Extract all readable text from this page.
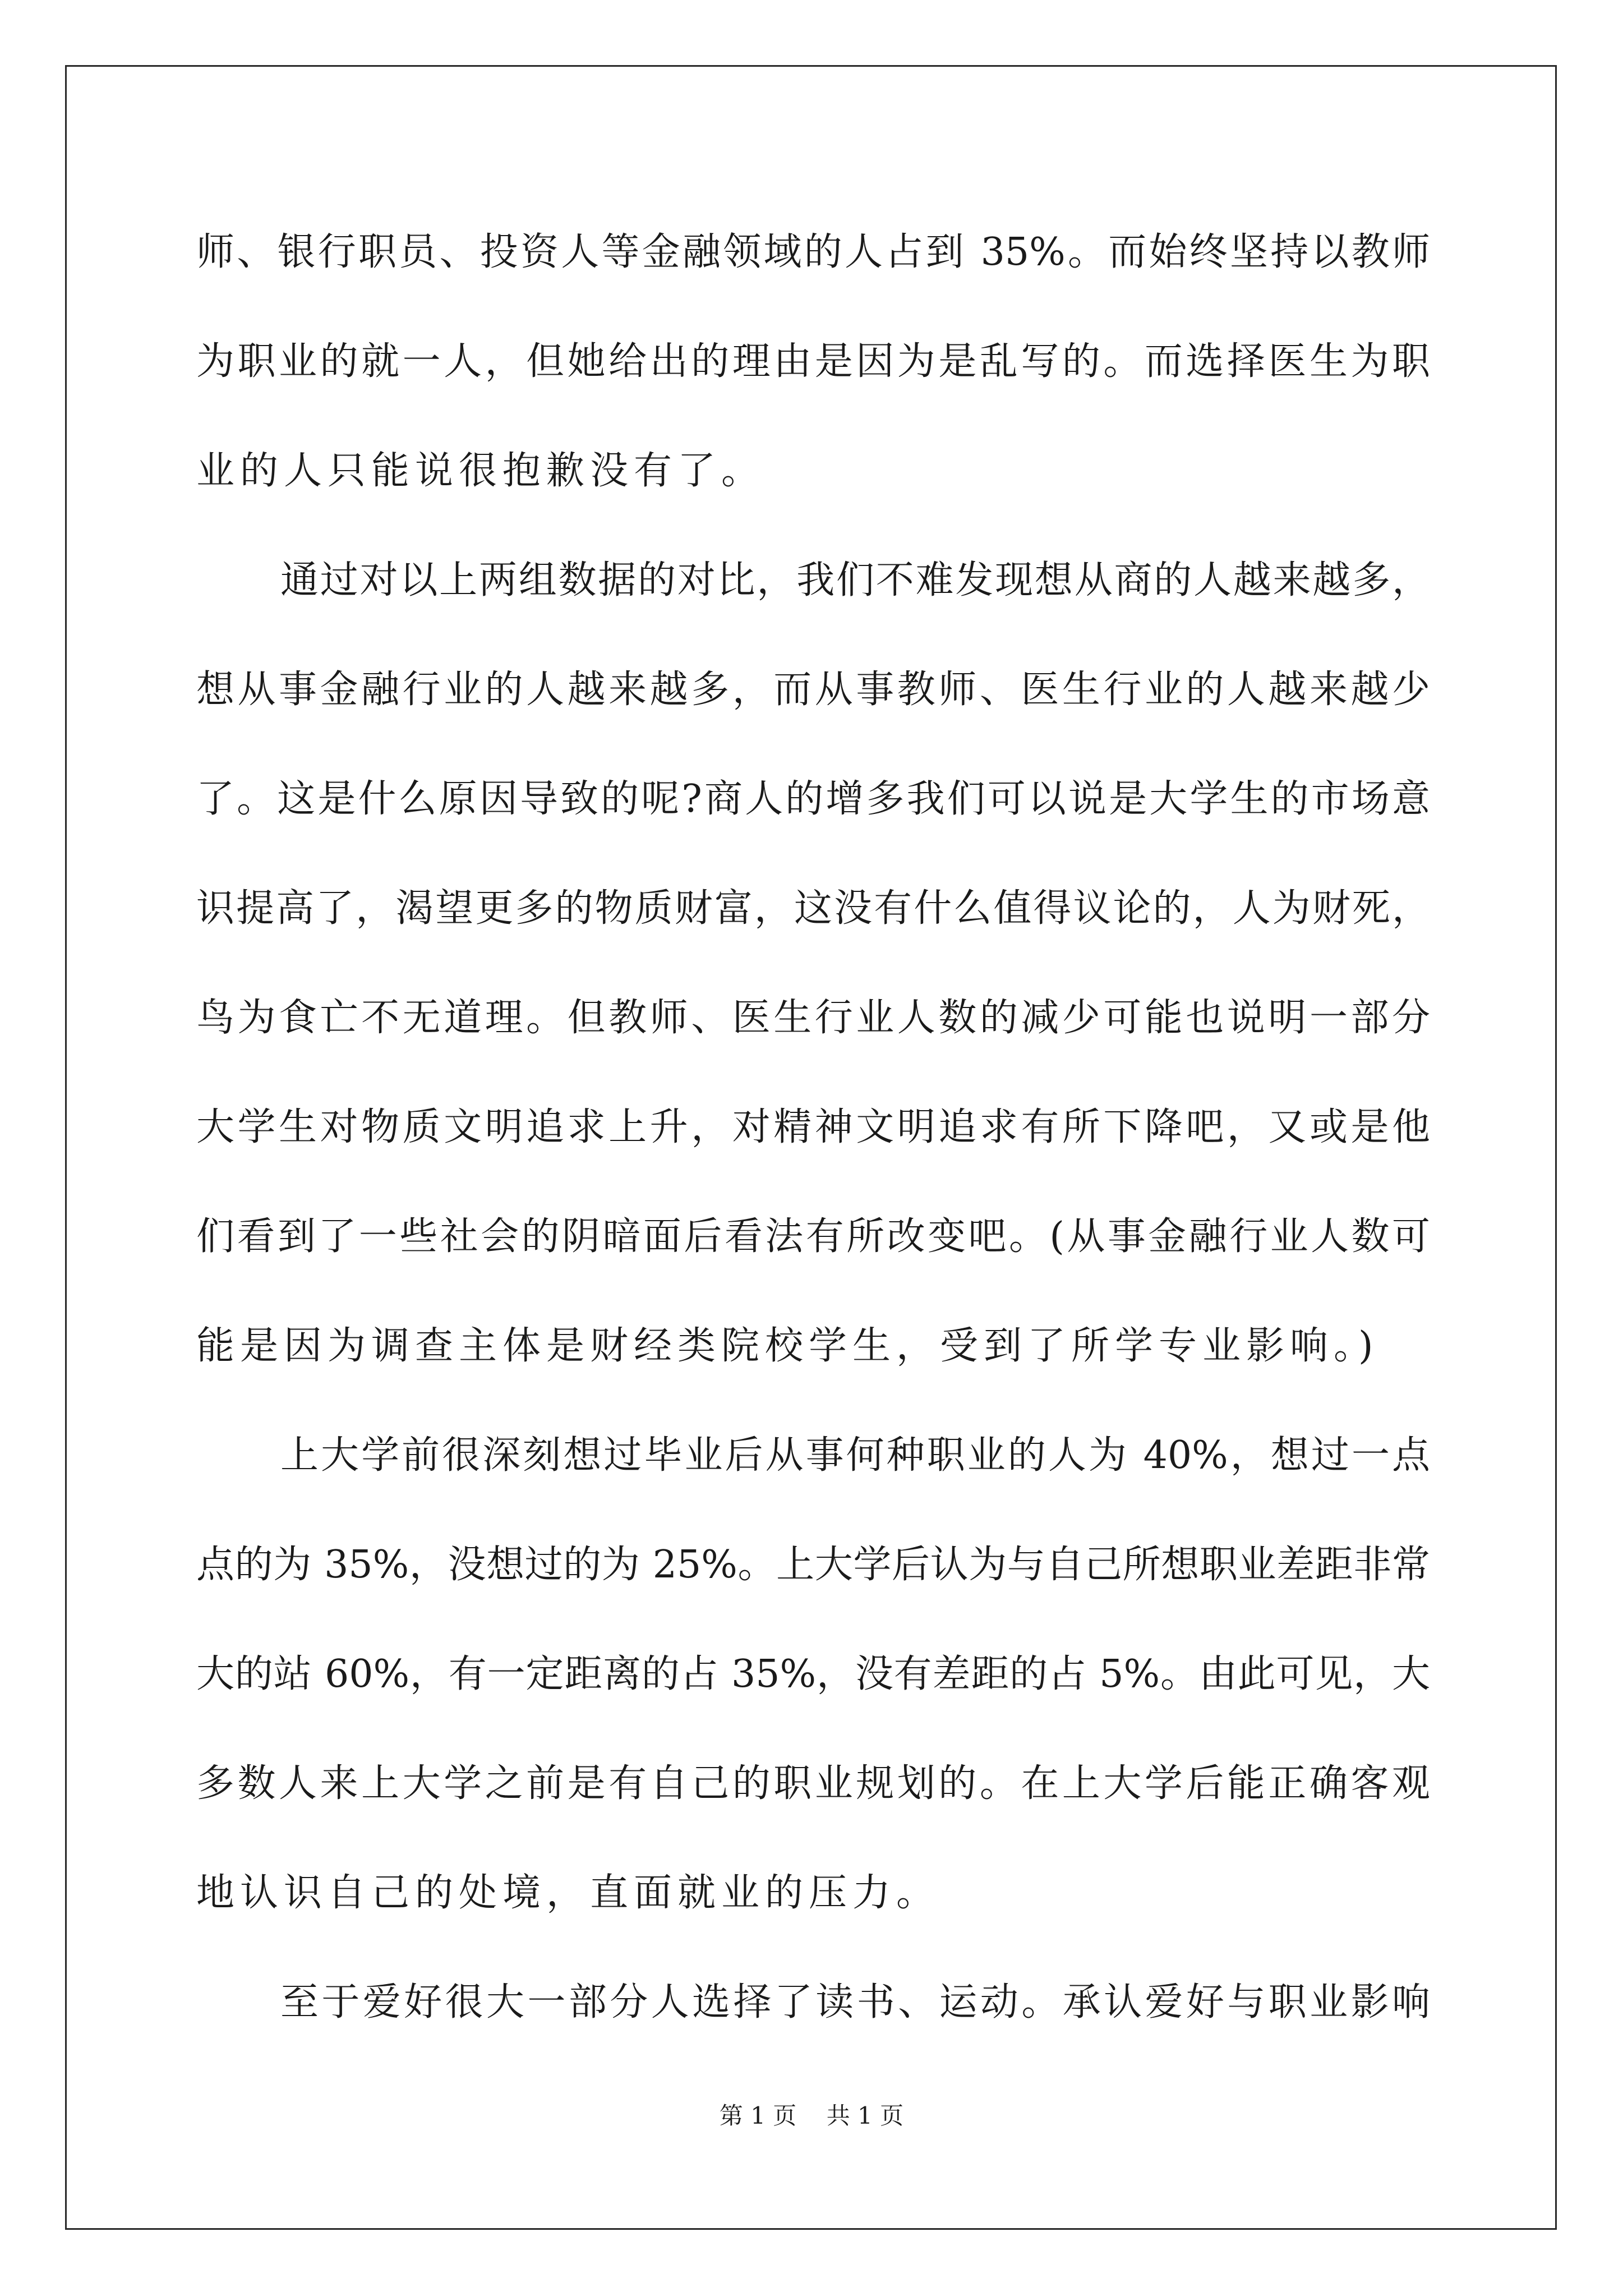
师、银行职员、投资人等金融领域的人占到 35%。而始终坚持以教师
为职业的就一人，但她给出的理由是因为是乱写的。而选择医生为职
业的人只能说很抱歉没有了。
通过对以上两组数据的对比，我们不难发现想从商的人越来越多，
想从事金融行业的人越来越多，而从事教师、医生行业的人越来越少
了。这是什么原因导致的呢?商人的增多我们可以说是大学生的市场意
识提高了，渴望更多的物质财富，这没有什么值得议论的，人为财死，
鸟为食亡不无道理。但教师、医生行业人数的减少可能也说明一部分
大学生对物质文明追求上升，对精神文明追求有所下降吧，又或是他
们看到了一些社会的阴暗面后看法有所改变吧。(从事金融行业人数可
能是因为调查主体是财经类院校学生，受到了所学专业影响。)
上大学前很深刻想过毕业后从事何种职业的人为 40%，想过一点
点的为 35%，没想过的为 25%。上大学后认为与自己所想职业差距非常
大的站 60%，有一定距离的占 35%，没有差距的占 5%。由此可见，大
多数人来上大学之前是有自己的职业规划的。在上大学后能正确客观
地认识自己的处境，直面就业的压力。
至于爱好很大一部分人选择了读书、运动。承认爱好与职业影响
第 1 页    共 1 页
